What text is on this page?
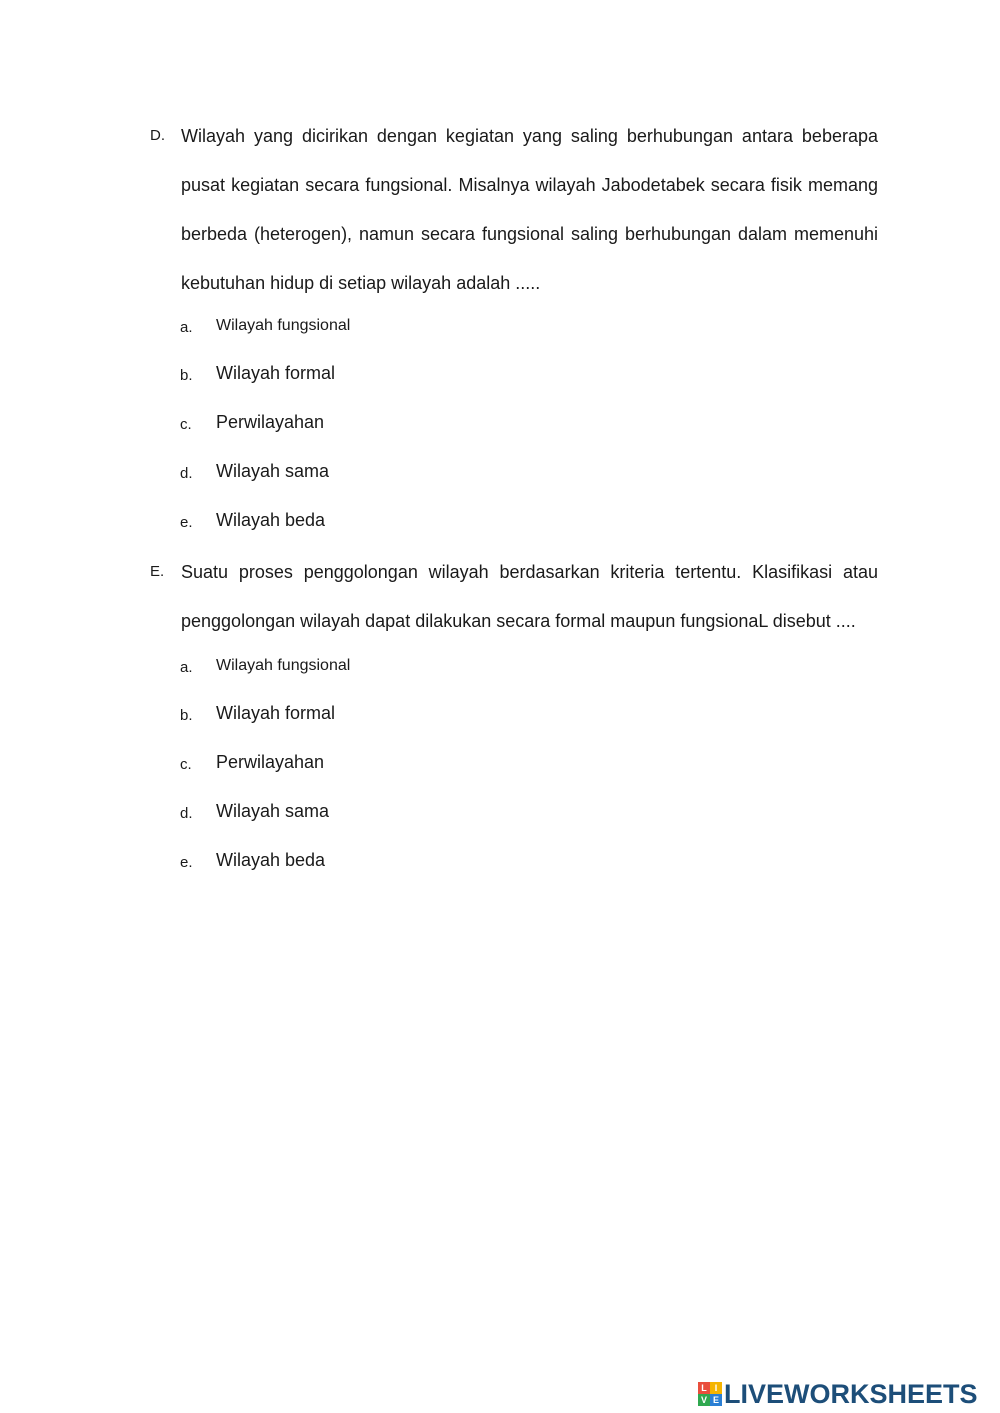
D. Wilayah yang dicirikan dengan kegiatan yang saling berhubungan antara beberapa pusat kegiatan secara fungsional. Misalnya wilayah Jabodetabek secara fisik memang berbeda (heterogen), namun secara fungsional saling berhubungan dalam memenuhi kebutuhan hidup di setiap wilayah adalah .....
a. Wilayah fungsional
b. Wilayah formal
c. Perwilayahan
d. Wilayah sama
e. Wilayah beda
E. Suatu proses penggolongan wilayah berdasarkan kriteria tertentu. Klasifikasi atau penggolongan wilayah dapat dilakukan secara formal maupun fungsionaL disebut ....
a. Wilayah fungsional
b. Wilayah formal
c. Perwilayahan
d. Wilayah sama
e. Wilayah beda
L I
V E LIVEWORKSHEETS
